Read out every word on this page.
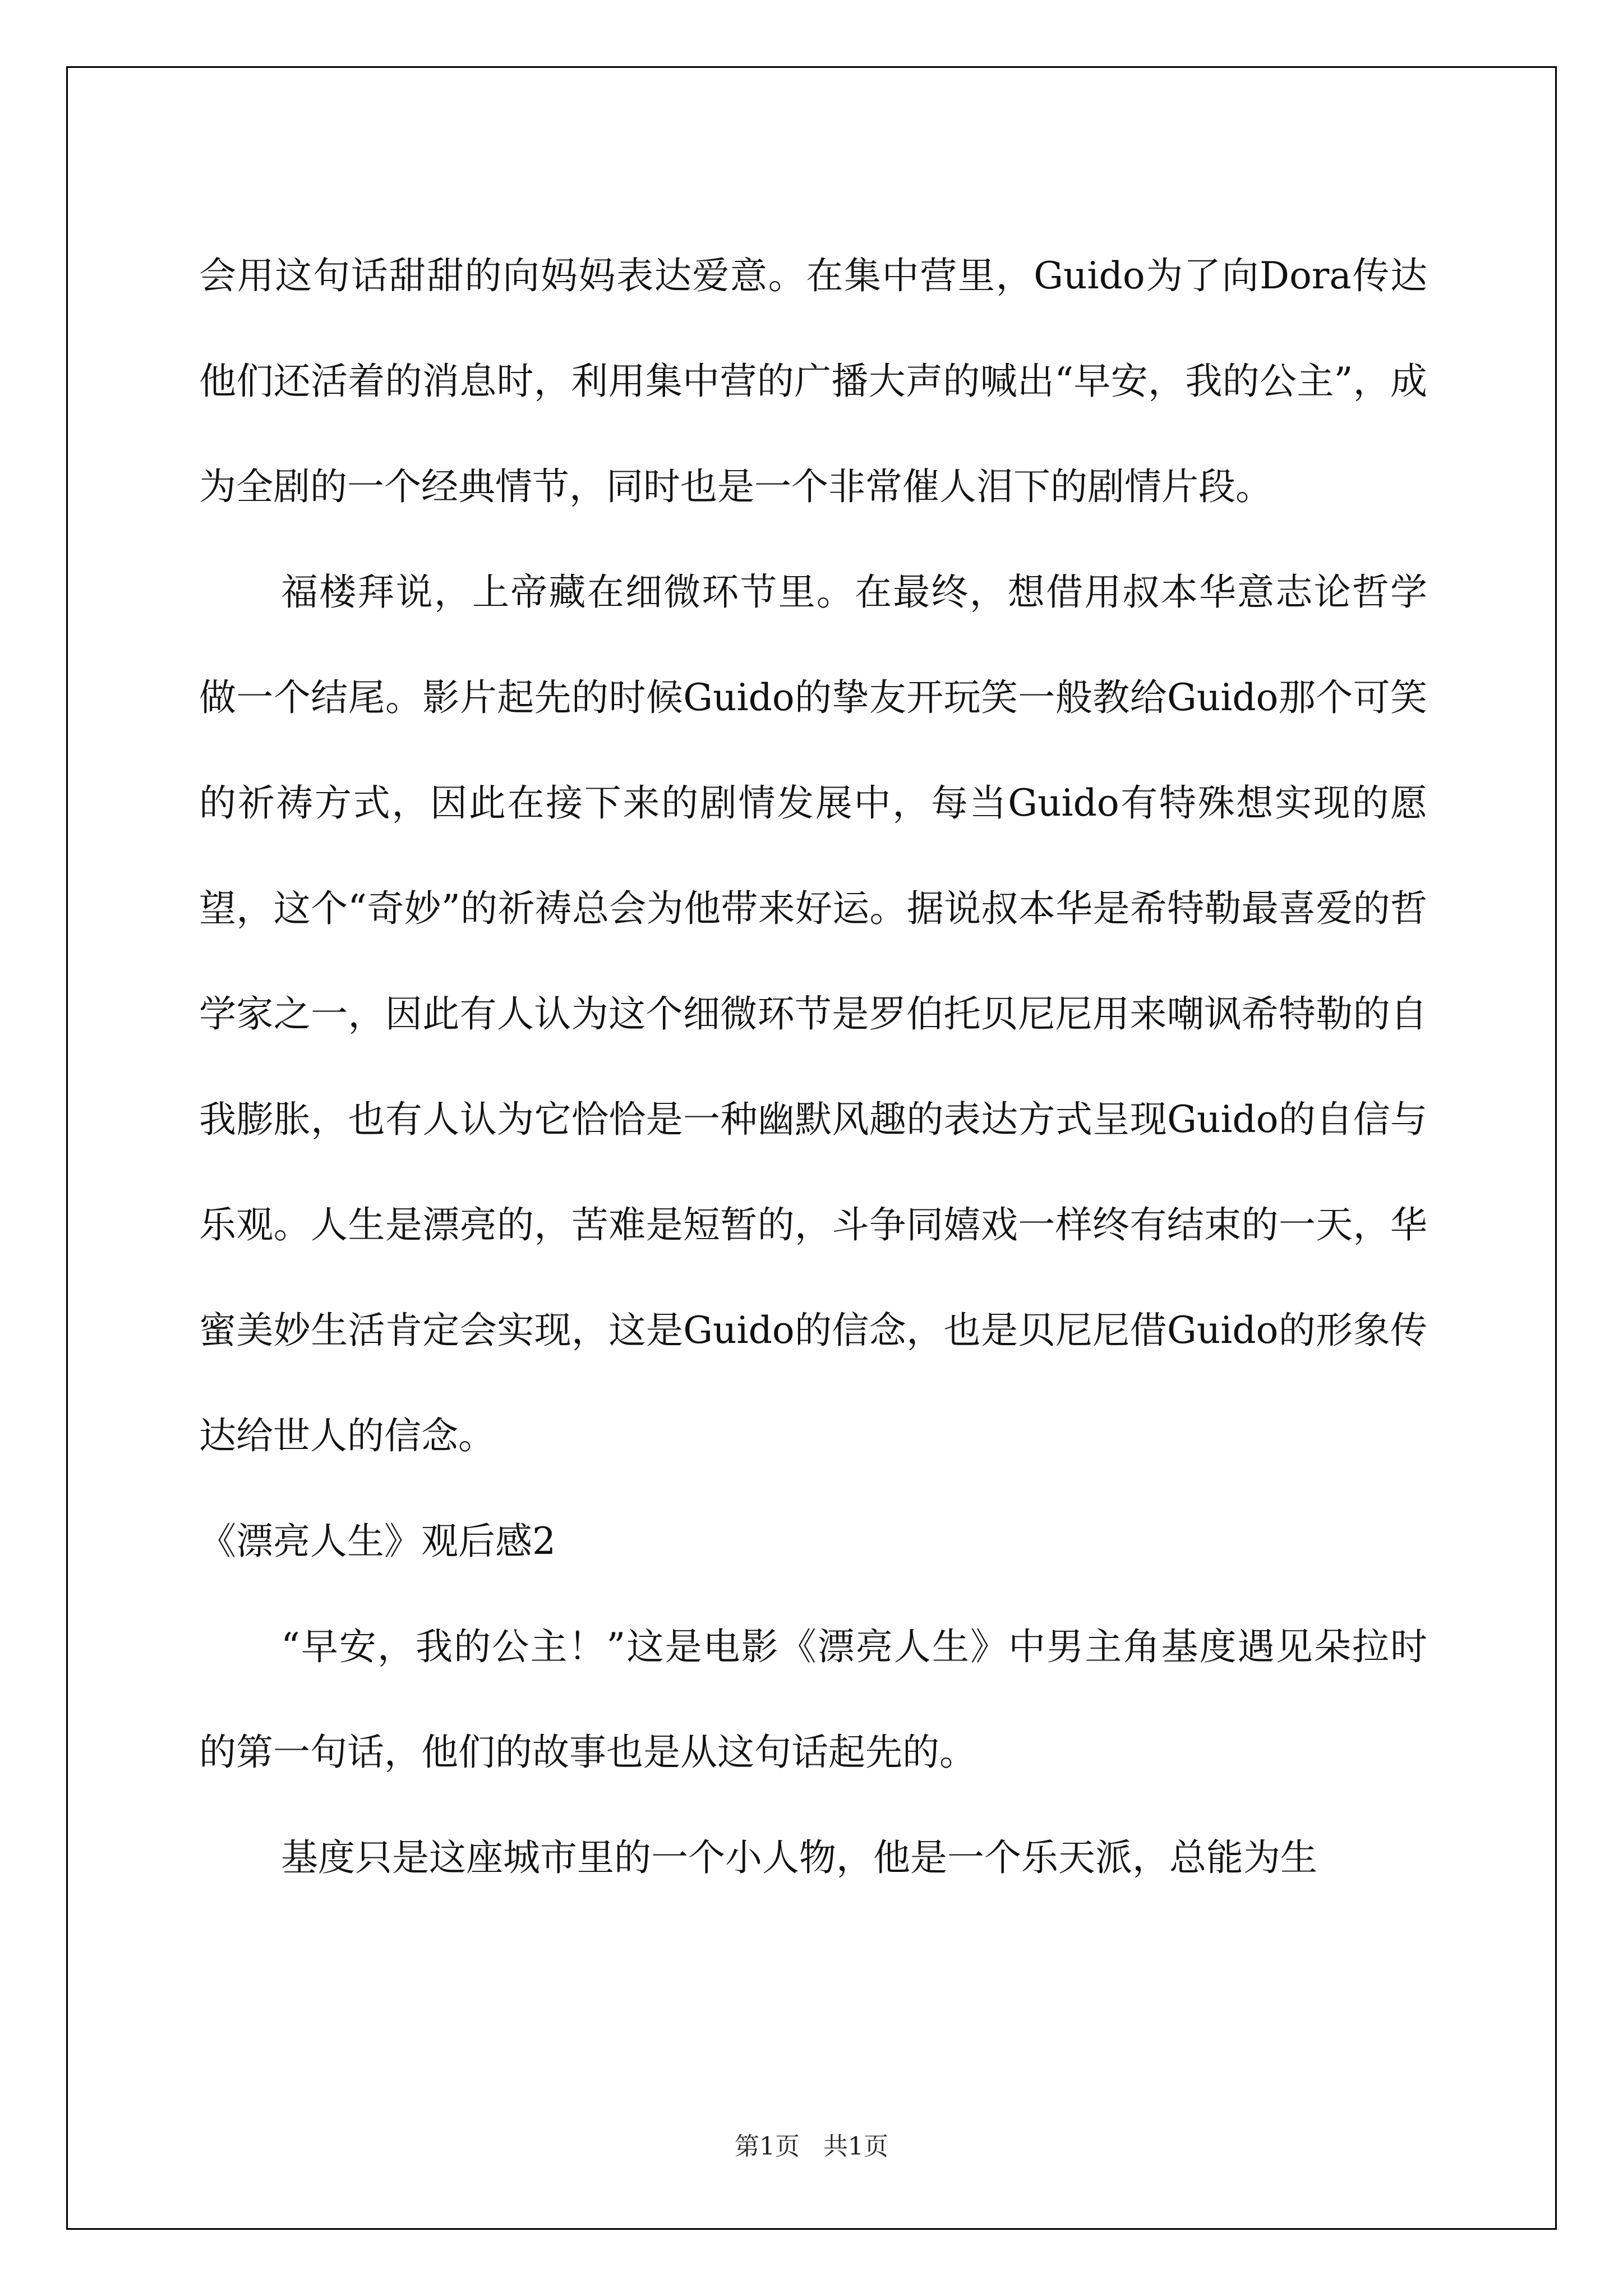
会用这句话甜甜的向妈妈表达爱意。在集中营里，Guido为了向Dora传达他们还活着的消息时，利用集中营的广播大声的喊出“早安，我的公主”，成为全剧的一个经典情节，同时也是一个非常催人泪下的剧情片段。

福楼拜说，上帝藏在细微环节里。在最终，想借用叔本华意志论哲学做一个结尾。影片起先的时候Guido的挚友开玩笑一般教给Guido那个可笑的祈祷方式，因此在接下来的剧情发展中，每当Guido有特殊想实现的愿望，这个“奇妙”的祈祷总会为他带来好运。据说叔本华是希特勒最喜爱的哲学家之一，因此有人认为这个细微环节是罗伯托贝尼尼用来嘲讽希特勒的自我膨胀，也有人认为它恰恰是一种幽默风趣的表达方式呈现Guido的自信与乐观。人生是漂亮的，苦难是短暂的，斗争同嬉戏一样终有结束的一天，华蜜美妙生活肯定会实现，这是Guido的信念，也是贝尼尼借Guido的形象传达给世人的信念。

《漂亮人生》观后感2

“早安，我的公主！”这是电影《漂亮人生》中男主角基度遇见朵拉时的第一句话，他们的故事也是从这句话起先的。

基度只是这座城市里的一个小人物，他是一个乐天派，总能为生

第1页 共1页
